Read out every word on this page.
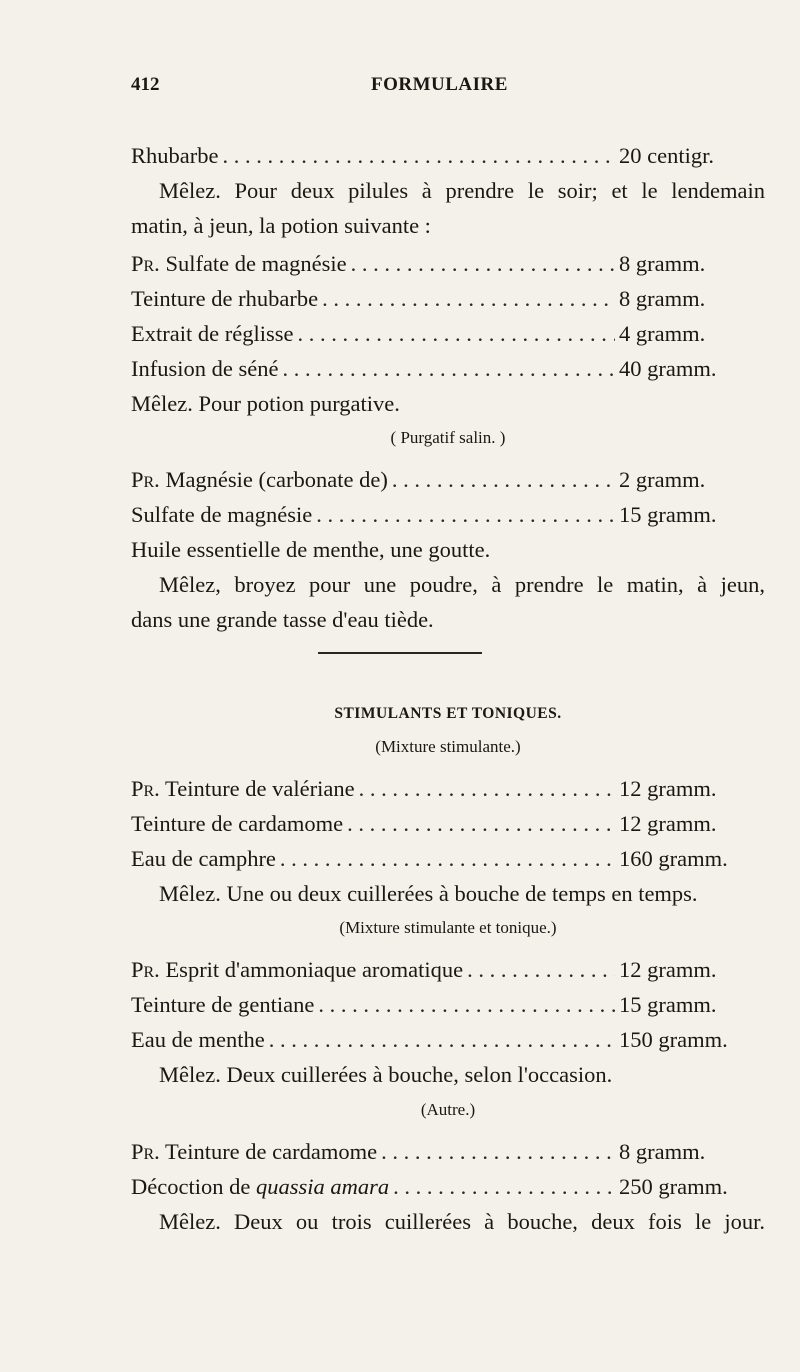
412	FORMULAIRE
Rhubarbe . . .	20 centigr.
Mêlez. Pour deux pilules à prendre le soir; et le lendemain
matin, à jeun, la potion suivante :
Pr. Sulfate de magnésie . . .	8 gramm.
Teinture de rhubarbe . . .	8 gramm.
Extrait de réglisse . . .	4 gramm.
Infusion de séné . . .	40 gramm.
Mêlez. Pour potion purgative.
( Purgatif salin. )
Pr. Magnésie (carbonate de) . . .	2 gramm.
Sulfate de magnésie . . .	15 gramm.
Huile essentielle de menthe, une goutte.
Mêlez, broyez pour une poudre, à prendre le matin, à jeun,
dans une grande tasse d'eau tiède.
STIMULANTS ET TONIQUES.
(Mixture stimulante.)
Pr. Teinture de valériane . . .	12 gramm.
Teinture de cardamome . . .	12 gramm.
Eau de camphre . . .	160 gramm.
Mêlez. Une ou deux cuillerées à bouche de temps en temps.
(Mixture stimulante et tonique.)
Pr. Esprit d'ammoniaque aromatique . . .	12 gramm.
Teinture de gentiane . . .	15 gramm.
Eau de menthe . . .	150 gramm.
Mêlez. Deux cuillerées à bouche, selon l'occasion.
(Autre.)
Pr. Teinture de cardamome . . .	8 gramm.
Décoction de quassia amara . . .	250 gramm.
Mêlez. Deux ou trois cuillerées à bouche, deux fois le jour.
